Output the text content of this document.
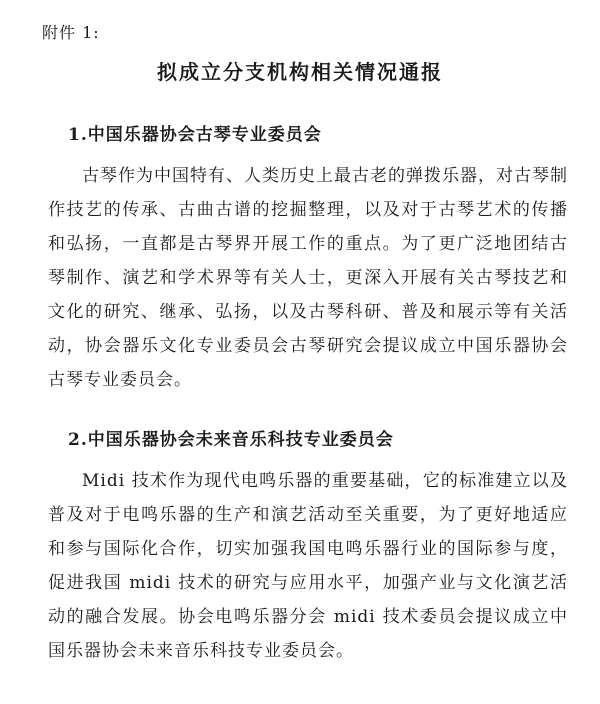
附件 1:
拟成立分支机构相关情况通报
1.中国乐器协会古琴专业委员会

古琴作为中国特有、人类历史上最古老的弹拨乐器，对古琴制作技艺的传承、古曲古谱的挖掘整理，以及对于古琴艺术的传播和弘扬，一直都是古琴界开展工作的重点。为了更广泛地团结古琴制作、演艺和学术界等有关人士，更深入开展有关古琴技艺和文化的研究、继承、弘扬，以及古琴科研、普及和展示等有关活动，协会器乐文化专业委员会古琴研究会提议成立中国乐器协会古琴专业委员会。

2.中国乐器协会未来音乐科技专业委员会

Midi 技术作为现代电鸣乐器的重要基础，它的标准建立以及普及对于电鸣乐器的生产和演艺活动至关重要，为了更好地适应和参与国际化合作，切实加强我国电鸣乐器行业的国际参与度，促进我国 midi 技术的研究与应用水平，加强产业与文化演艺活动的融合发展。协会电鸣乐器分会 midi 技术委员会提议成立中国乐器协会未来音乐科技专业委员会。
